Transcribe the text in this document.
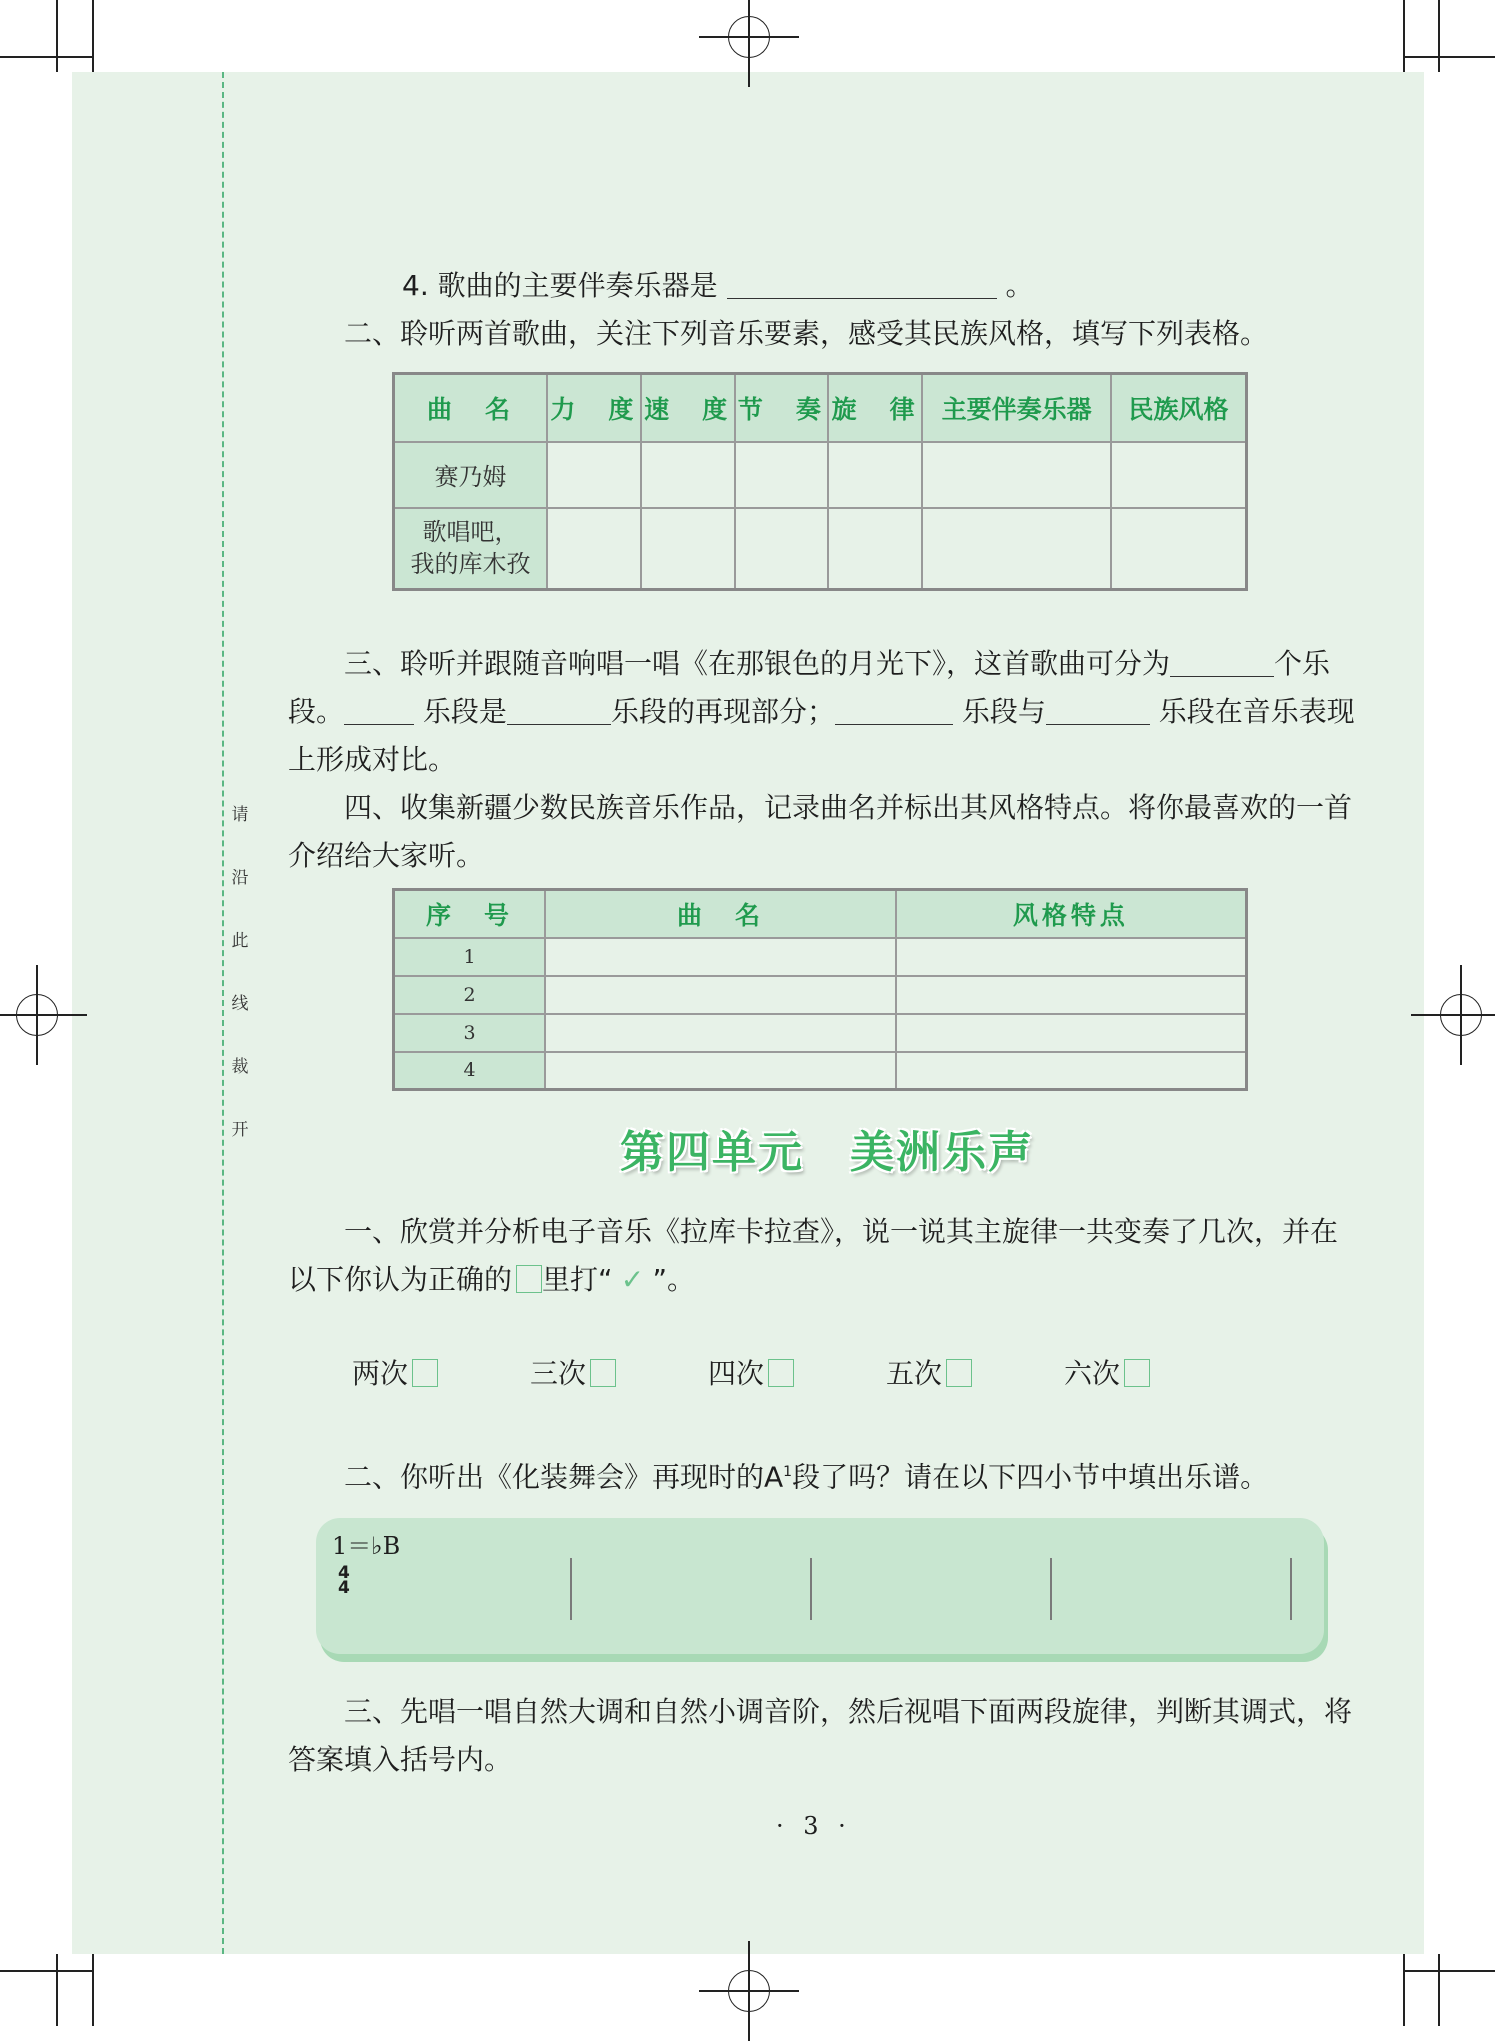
请
沿
此
线
裁
开
4. 歌曲的主要伴奏乐器是	。
二、聆听两首歌曲，关注下列音乐要素，感受其民族风格，填写下列表格。
曲　名	力　度	速　度	节　奏	旋　律	主要伴奏乐器	民族风格
赛乃姆						

歌唱吧，
我的库木孜						

三、聆听并跟随音响唱一唱《在那银色的月光下》，这首歌曲可分为	个乐
段。	乐段是	乐段的再现部分；	乐段与	乐段在音乐表现
上形成对比。
四、收集新疆少数民族音乐作品，记录曲名并标出其风格特点。将你最喜欢的一首
介绍给大家听。
序　号	曲　名	风格特点
1		
2		
3		
4		
第四单元　美洲乐声
一、欣赏并分析电子音乐《拉库卡拉查》，说一说其主旋律一共变奏了几次，并在
以下你认为正确的 里打“ ✓ ”。
两次	三次	四次	五次	六次
二、你听出《化装舞会》再现时的$A^1$段了吗？请在以下四小节中填出乐谱。
1＝♭B
4
4
三、先唱一唱自然大调和自然小调音阶，然后视唱下面两段旋律，判断其调式，将
答案填入括号内。
· 3 ·
